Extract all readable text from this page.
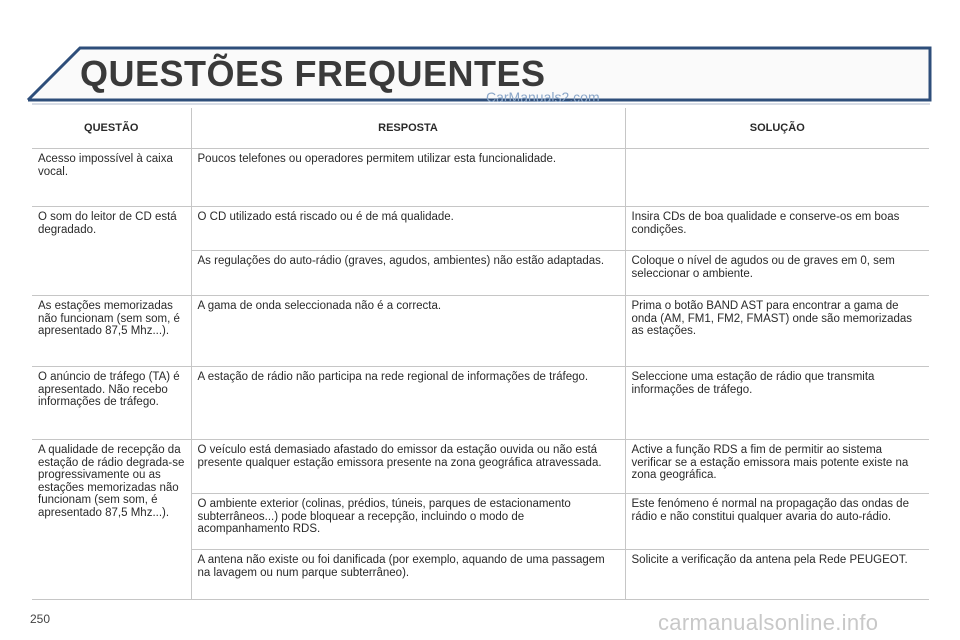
QUESTÕES FREQUENTES
CarManuals2.com
QUESTÃO	RESPOSTA	SOLUÇÃO
Acesso impossível à caixa vocal.	Poucos telefones ou operadores permitem utilizar esta funcionalidade.	
O som do leitor de CD está degradado.	O CD utilizado está riscado ou é de má qualidade.	Insira CDs de boa qualidade e conserve-os em boas condições.
	As regulações do auto-rádio (graves, agudos, ambientes) não estão adaptadas.	Coloque o nível de agudos ou de graves em 0, sem seleccionar o ambiente.
As estações memorizadas não funcionam (sem som, é apresentado 87,5 Mhz...).	A gama de onda seleccionada não é a correcta.	Prima o botão BAND AST para encontrar a gama de onda (AM, FM1, FM2, FMAST) onde são memorizadas as estações.
O anúncio de tráfego (TA) é apresentado. Não recebo informações de tráfego.	A estação de rádio não participa na rede regional de informações de tráfego.	Seleccione uma estação de rádio que transmita informações de tráfego.
A qualidade de recepção da estação de rádio degrada-se progressivamente ou as estações memorizadas não funcionam (sem som, é apresentado 87,5 Mhz...).	O veículo está demasiado afastado do emissor da estação ouvida ou não está presente qualquer estação emissora presente na zona geográfica atravessada.	Active a função RDS a fim de permitir ao sistema verificar se a estação emissora mais potente existe na zona geográfica.
	O ambiente exterior (colinas, prédios, túneis, parques de estacionamento subterrâneos...) pode bloquear a recepção, incluindo o modo de acompanhamento RDS.	Este fenómeno é normal na propagação das ondas de rádio e não constitui qualquer avaria do auto-rádio.
	A antena não existe ou foi danificada (por exemplo, aquando de uma passagem na lavagem ou num parque subterrâneo).	Solicite a verificação da antena pela Rede PEUGEOT.
250	carmanualsonline.info
